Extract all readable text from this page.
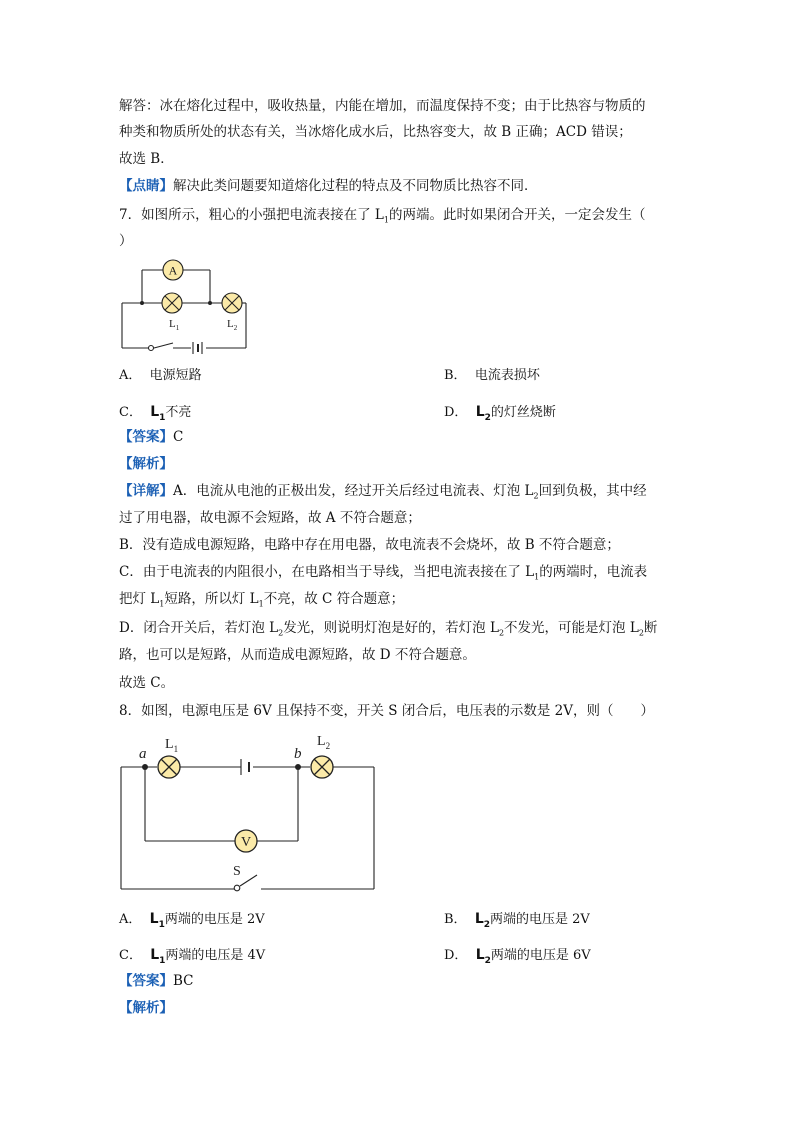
解答：冰在熔化过程中，吸收热量，内能在增加，而温度保持不变；由于比热容与物质的
种类和物质所处的状态有关，当冰熔化成水后，比热容变大，故 B 正确；ACD 错误；
故选 B．
【点睛】解决此类问题要知道熔化过程的特点及不同物质比热容不同．
7．如图所示，粗心的小强把电流表接在了 $L_1$的两端。此时如果闭合开关，一定会发生（
）
A
$L_1$	$L_2$
A． 电源短路	B． 电流表损坏
C． $L_1$不亮	D． $L_2$的灯丝烧断
【答案】C
【解析】
【详解】A．电流从电池的正极出发，经过开关后经过电流表、灯泡 $L_2$回到负极，其中经
过了用电器，故电源不会短路，故 A 不符合题意；
B．没有造成电源短路，电路中存在用电器，故电流表不会烧坏，故 B 不符合题意；
C．由于电流表的内阻很小，在电路相当于导线，当把电流表接在了 $L_1$的两端时，电流表
把灯 $L_1$短路，所以灯 $L_1$不亮，故 C 符合题意；
D．闭合开关后，若灯泡 $L_2$发光，则说明灯泡是好的，若灯泡 $L_2$不发光，可能是灯泡 $L_2$断
路，也可以是短路，从而造成电源短路，故 D 不符合题意。
故选 C。
8．如图，电源电压是 6V 且保持不变，开关 S 闭合后，电压表的示数是 2V，则（　　）
V
a	b
$L_1$	$L_2$
S
A． $L_1$两端的电压是 2V	B． $L_2$两端的电压是 2V
C． $L_1$两端的电压是 4V	D． $L_2$两端的电压是 6V
【答案】BC
【解析】
